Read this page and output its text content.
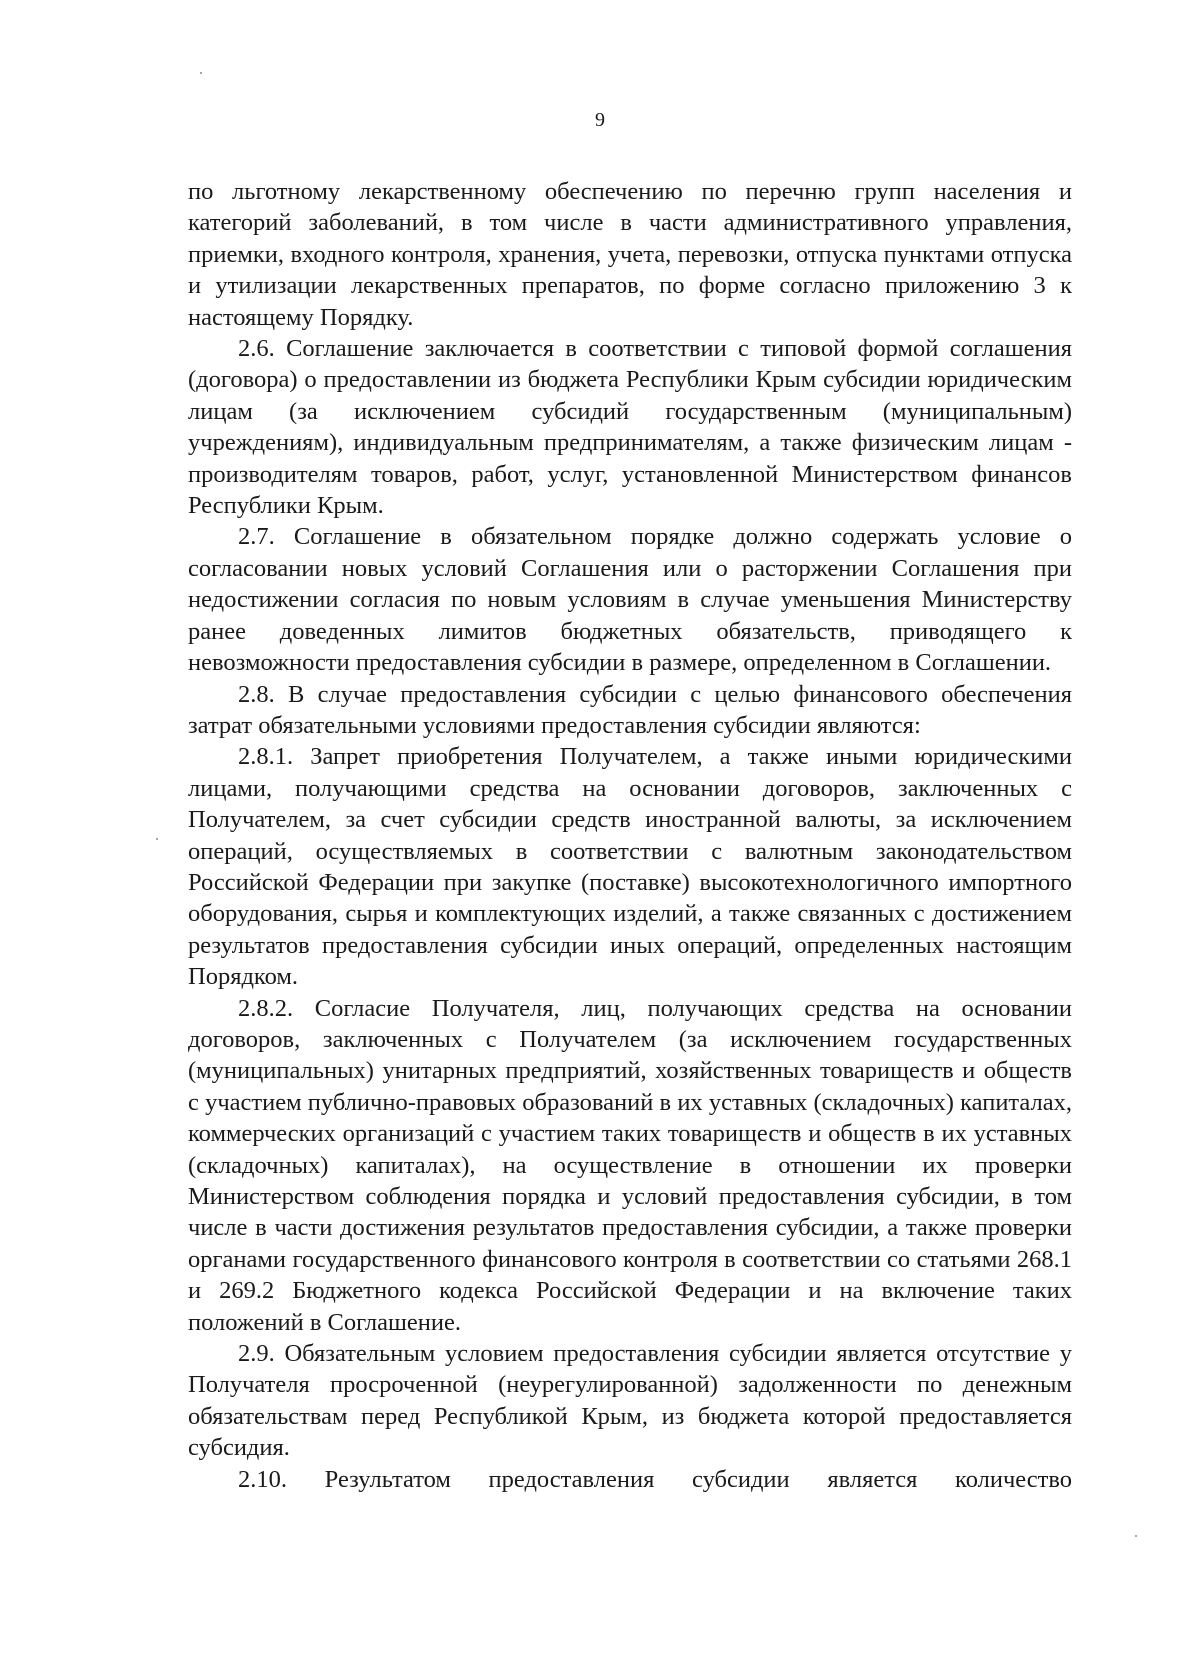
9

по льготному лекарственному обеспечению по перечню групп населения и категорий заболеваний, в том числе в части административного управления, приемки, входного контроля, хранения, учета, перевозки, отпуска пунктами отпуска и утилизации лекарственных препаратов, по форме согласно приложению 3 к настоящему Порядку.

2.6. Соглашение заключается в соответствии с типовой формой соглашения (договора) о предоставлении из бюджета Республики Крым субсидии юридическим лицам (за исключением субсидий государственным (муниципальным) учреждениям), индивидуальным предпринимателям, а также физическим лицам - производителям товаров, работ, услуг, установленной Министерством финансов Республики Крым.

2.7. Соглашение в обязательном порядке должно содержать условие о согласовании новых условий Соглашения или о расторжении Соглашения при недостижении согласия по новым условиям в случае уменьшения Министерству ранее доведенных лимитов бюджетных обязательств, приводящего к невозможности предоставления субсидии в размере, определенном в Соглашении.

2.8. В случае предоставления субсидии с целью финансового обеспечения затрат обязательными условиями предоставления субсидии являются:

2.8.1. Запрет приобретения Получателем, а также иными юридическими лицами, получающими средства на основании договоров, заключенных с Получателем, за счет субсидии средств иностранной валюты, за исключением операций, осуществляемых в соответствии с валютным законодательством Российской Федерации при закупке (поставке) высокотехнологичного импортного оборудования, сырья и комплектующих изделий, а также связанных с достижением результатов предоставления субсидии иных операций, определенных настоящим Порядком.

2.8.2. Согласие Получателя, лиц, получающих средства на основании договоров, заключенных с Получателем (за исключением государственных (муниципальных) унитарных предприятий, хозяйственных товариществ и обществ с участием публично-правовых образований в их уставных (складочных) капиталах, коммерческих организаций с участием таких товариществ и обществ в их уставных (складочных) капиталах), на осуществление в отношении их проверки Министерством соблюдения порядка и условий предоставления субсидии, в том числе в части достижения результатов предоставления субсидии, а также проверки органами государственного финансового контроля в соответствии со статьями 268.1 и 269.2 Бюджетного кодекса Российской Федерации и на включение таких положений в Соглашение.

2.9. Обязательным условием предоставления субсидии является отсутствие у Получателя просроченной (неурегулированной) задолженности по денежным обязательствам перед Республикой Крым, из бюджета которой предоставляется субсидия.

2.10. Результатом предоставления субсидии является количество
